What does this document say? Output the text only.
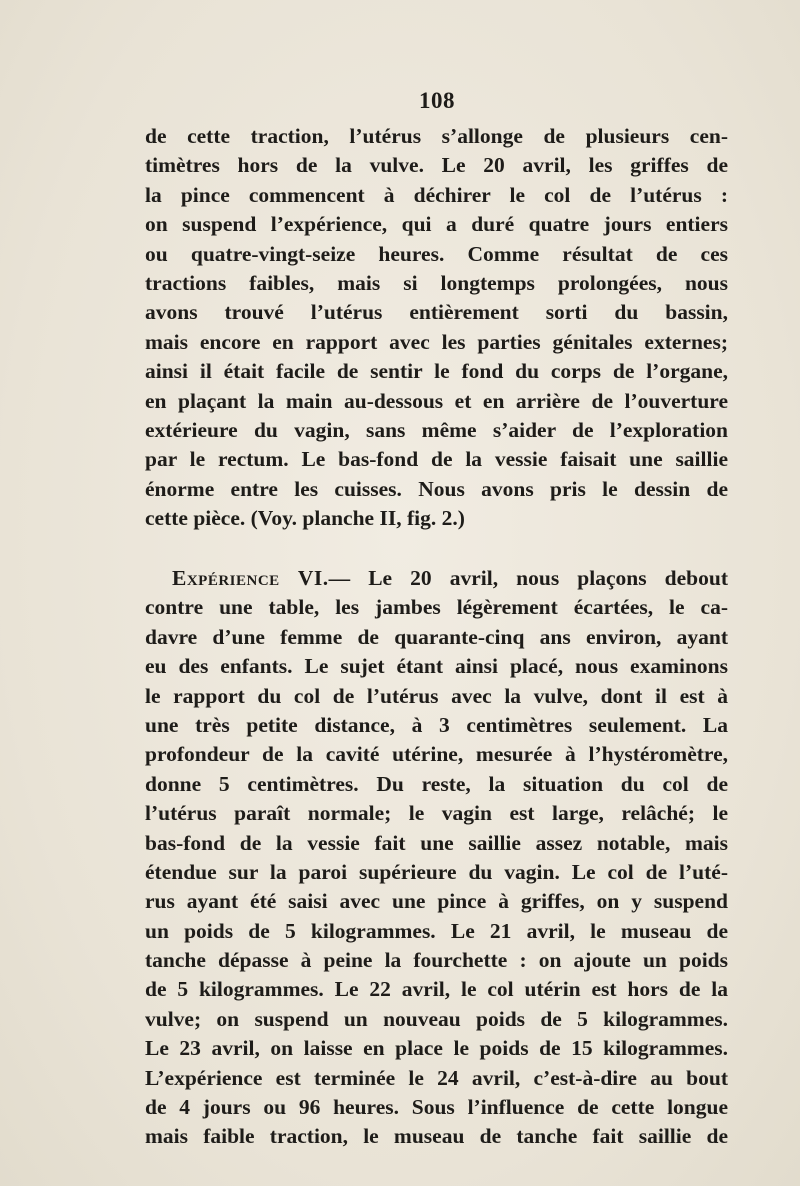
108
de cette traction, l’utérus s’allonge de plusieurs cen-
timètres hors de la vulve. Le 20 avril, les griffes de
la pince commencent à déchirer le col de l’utérus :
on suspend l’expérience, qui a duré quatre jours entiers
ou quatre-vingt-seize heures. Comme résultat de ces
tractions faibles, mais si longtemps prolongées, nous
avons trouvé l’utérus entièrement sorti du bassin,
mais encore en rapport avec les parties génitales externes;
ainsi il était facile de sentir le fond du corps de l’organe,
en plaçant la main au-dessous et en arrière de l’ouverture
extérieure du vagin, sans même s’aider de l’exploration
par le rectum. Le bas-fond de la vessie faisait une saillie
énorme entre les cuisses. Nous avons pris le dessin de
cette pièce. (Voy. planche II, fig. 2.)
Expérience VI.— Le 20 avril, nous plaçons debout
contre une table, les jambes légèrement écartées, le ca-
davre d’une femme de quarante-cinq ans environ, ayant
eu des enfants. Le sujet étant ainsi placé, nous examinons
le rapport du col de l’utérus avec la vulve, dont il est à
une très petite distance, à 3 centimètres seulement. La
profondeur de la cavité utérine, mesurée à l’hystéromètre,
donne 5 centimètres. Du reste, la situation du col de
l’utérus paraît normale; le vagin est large, relâché; le
bas-fond de la vessie fait une saillie assez notable, mais
étendue sur la paroi supérieure du vagin. Le col de l’uté-
rus ayant été saisi avec une pince à griffes, on y suspend
un poids de 5 kilogrammes. Le 21 avril, le museau de
tanche dépasse à peine la fourchette : on ajoute un poids
de 5 kilogrammes. Le 22 avril, le col utérin est hors de la
vulve; on suspend un nouveau poids de 5 kilogrammes.
Le 23 avril, on laisse en place le poids de 15 kilogrammes.
L’expérience est terminée le 24 avril, c’est-à-dire au bout
de 4 jours ou 96 heures. Sous l’influence de cette longue
mais faible traction, le museau de tanche fait saillie de
